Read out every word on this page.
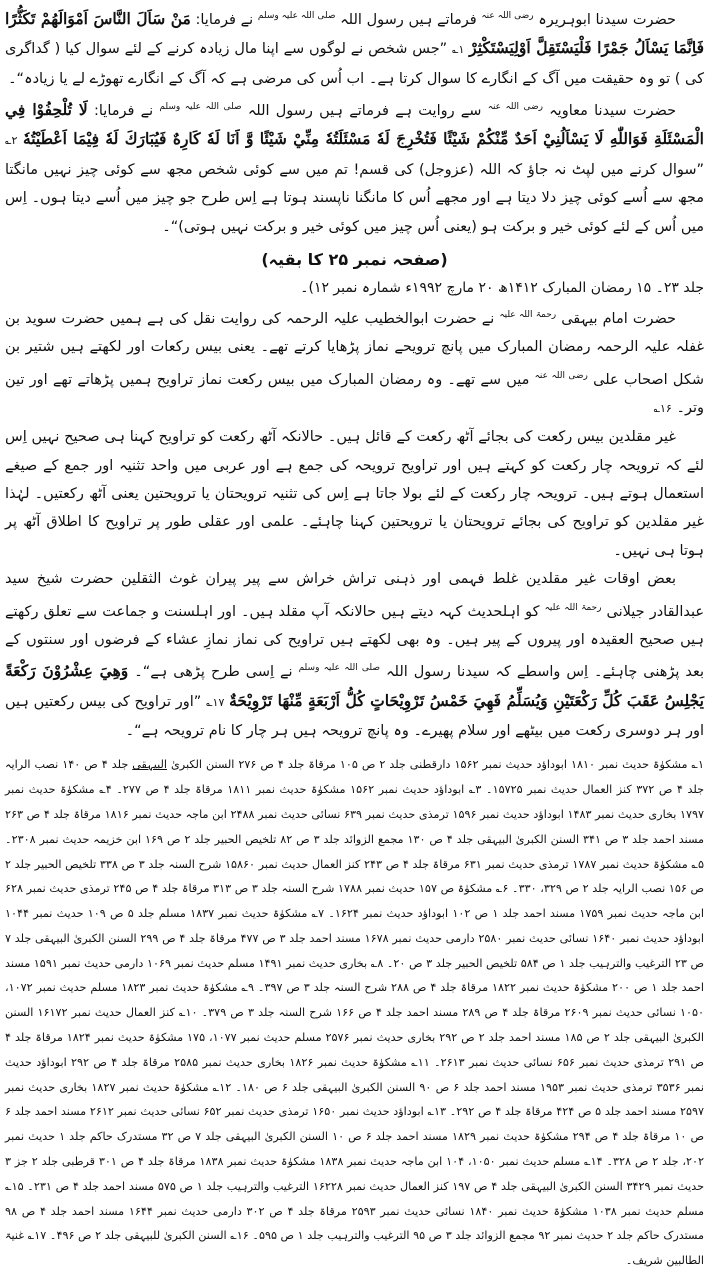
حضرت سیدنا ابوہریرہ $^{رضی اللہ عنہ}$ فرماتے ہیں رسول اللہ $^{صلی اللہ علیہ وسلم}$ نے فرمایا: مَنْ سَاَلَ النَّاسَ اَمْوَالَهُمْ تَكَثُّرًا فَاِنَّمَا يَسْاَلُ جَمْرًا فَلْيَسْتَقِلَّ اَوْلِيَسْتَكْثِرْ ۱؎ ”جس شخص نے لوگوں سے اپنا مال زیادہ کرنے کے لئے سوال کیا ( گداگری کی ) تو وہ حقیقت میں آگ کے انگارے کا سوال کرتا ہے۔ اب اُس کی مرضی ہے کہ آگ کے انگارے تھوڑے لے یا زیادہ“۔

حضرت سیدنا معاویہ $^{رضی اللہ عنہ}$ سے روایت ہے فرماتے ہیں رسول اللہ $^{صلی اللہ علیہ وسلم}$ نے فرمایا: لَا تُلْحِفُوْا فِي الْمَسْئَلَةِ فَوَاللّٰهِ لَا يَسْاَلُنِيْ اَحَدٌ مِّنْكُمْ شَيْئًا فَتُخْرِجَ لَهٗ مَسْئَلَتُهٗ مِنِّيْ شَيْئًا وَّ اَنَا لَهٗ كَارِهٌ فَيُبَارَكَ لَهٗ فِيْمَا اَعْطَيْتُهٗ ۲؎ ”سوال کرنے میں لپٹ نہ جاؤ کہ اللہ (عزوجل) کی قسم! تم میں سے کوئی شخص مجھ سے کوئی چیز نہیں مانگتا مجھ سے اُسے کوئی چیز دلا دیتا ہے اور مجھے اُس کا مانگنا ناپسند ہوتا ہے اِس طرح جو چیز میں اُسے دیتا ہوں۔ اِس میں اُس کے لئے کوئی خیر و برکت ہو (یعنی اُس چیز میں کوئی خیر و برکت نہیں ہوتی)“۔

(صفحہ نمبر ۲۵ کا بقیہ)

جلد ۲۳۔ ۱۵ رمضان المبارک ۱۴۱۲ھ ۲۰ مارچ ۱۹۹۲ء شمارہ نمبر ۱۲)۔

حضرت امام بیہقی $^{رحمۃ اللہ علیہ}$ نے حضرت ابوالخطیب علیہ الرحمہ کی روایت نقل کی ہے ہمیں حضرت سوید بن غفلہ علیہ الرحمہ رمضان المبارک میں پانچ ترویحے نماز پڑھایا کرتے تھے۔ یعنی بیس رکعات اور لکھتے ہیں شتیر بن شکل اصحاب علی $^{رضی اللہ عنہ}$ میں سے تھے۔ وہ رمضان المبارک میں بیس رکعت نماز تراویح ہمیں پڑھاتے تھے اور تین وتر۔ ۱۶؎

غیر مقلدین بیس رکعت کی بجائے آٹھ رکعت کے قائل ہیں۔ حالانکہ آٹھ رکعت کو تراویح کہنا ہی صحیح نہیں اِس لئے کہ ترویحہ چار رکعت کو کہتے ہیں اور تراویح ترویحہ کی جمع ہے اور عربی میں واحد تثنیہ اور جمع کے صیغے استعمال ہوتے ہیں۔ ترویحہ چار رکعت کے لئے بولا جاتا ہے اِس کی تثنیہ ترویحتان یا ترویحتین یعنی آٹھ رکعتیں۔ لہٰذا غیر مقلدین کو تراویح کی بجائے ترویحتان یا ترویحتین کہنا چاہئے۔ علمی اور عقلی طور پر تراویح کا اطلاق آٹھ پر ہوتا ہی نہیں۔

بعض اوقات غیر مقلدین غلط فہمی اور ذہنی تراش خراش سے پیر پیران غوث الثقلین حضرت شیخ سید عبدالقادر جیلانی $^{رحمۃ اللہ علیہ}$ کو اہلحدیث کہہ دیتے ہیں حالانکہ آپ مقلد ہیں۔ اور اہلسنت و جماعت سے تعلق رکھتے ہیں صحیح العقیدہ اور پیروں کے پیر ہیں۔ وہ بھی لکھتے ہیں تراویح کی نماز نمازِ عشاء کے فرضوں اور سنتوں کے بعد پڑھنی چاہئے۔ اِس واسطے کہ سیدنا رسول اللہ $^{صلی اللہ علیہ وسلم}$ نے اِسی طرح پڑھی ہے“۔ وَهِيَ عِشْرُوْنَ رَكْعَةً يَجْلِسُ عَقَبَ كُلِّ رَكْعَتَيْنِ وَيُسَلِّمُ فَهِيَ خَمْسُ تَرْوِيْحَاتٍ كُلُّ اَرْبَعَةٍ مِّنْهَا تَرْوِيْحَةٌ ۱۷؎ ”اور تراویح کی بیس رکعتیں ہیں اور ہر دوسری رکعت میں بیٹھے اور سلام پھیرے۔ وہ پانچ ترویحہ ہیں ہر چار کا نام ترویحہ ہے“۔

۱؎ مشکوٰۃ حدیث نمبر ۱۸۱۰ ابوداؤد حدیث نمبر ۱۵۶۲ دارقطنی جلد ۲ ص ۱۰۵ مرقاۃ جلد ۴ ص ۲۷۶ السنن الکبریٰ البیہقی جلد ۴ ص ۱۴۰ نصب الرایہ جلد ۴ ص ۳۷۲ کنز العمال حدیث نمبر ۱۵۷۲۵۔ ۳؎ ابوداؤد حدیث نمبر ۱۵۶۲ مشکوٰۃ حدیث نمبر ۱۸۱۱ مرقاۃ جلد ۴ ص ۲۷۷۔ ۴؎ مشکوٰۃ حدیث نمبر ۱۷۹۷ بخاری حدیث نمبر ۱۴۸۳ ابوداؤد حدیث نمبر ۱۵۹۶ ترمذی حدیث نمبر ۶۳۹ نسائی حدیث نمبر ۲۴۸۸ ابن ماجہ حدیث نمبر ۱۸۱۶ مرقاۃ جلد ۴ ص ۲۶۳ مسند احمد جلد ۳ ص ۳۴۱ السنن الکبریٰ البیہقی جلد ۴ ص ۱۳۰ مجمع الزوائد جلد ۳ ص ۸۲ تلخیص الحبیر جلد ۲ ص ۱۶۹ ابن خزیمہ حدیث نمبر ۲۳۰۸۔ ۵؎ مشکوٰۃ حدیث نمبر ۱۷۸۷ ترمذی حدیث نمبر ۶۳۱ مرقاۃ جلد ۴ ص ۲۴۳ کنز العمال حدیث نمبر ۱۵۸۶۰ شرح السنہ جلد ۳ ص ۳۳۸ تلخیص الحبیر جلد ۲ ص ۱۵۶ نصب الرایہ جلد ۲ ص ۳۲۹، ۳۳۰۔ ۶؎ مشکوٰۃ ص ۱۵۷ حدیث نمبر ۱۷۸۸ شرح السنہ جلد ۳ ص ۳۱۳ مرقاۃ جلد ۴ ص ۲۴۵ ترمذی حدیث نمبر ۶۲۸ ابن ماجہ حدیث نمبر ۱۷۵۹ مسند احمد جلد ۱ ص ۱۰۲ ابوداؤد حدیث نمبر ۱۶۲۴۔ ۷؎ مشکوٰۃ حدیث نمبر ۱۸۳۷ مسلم جلد ۵ ص ۱۰۹ حدیث نمبر ۱۰۴۴ ابوداؤد حدیث نمبر ۱۶۴۰ نسائی حدیث نمبر ۲۵۸۰ دارمی حدیث نمبر ۱۶۷۸ مسند احمد جلد ۳ ص ۴۷۷ مرقاۃ جلد ۴ ص ۲۹۹ السنن الکبریٰ البیہقی جلد ۷ ص ۲۳ الترغیب والترہیب جلد ۱ ص ۵۸۴ تلخیص الحبیر جلد ۳ ص ۲۰۔ ۸؎ بخاری حدیث نمبر ۱۴۹۱ مسلم حدیث نمبر ۱۰۶۹ دارمی حدیث نمبر ۱۵۹۱ مسند احمد جلد ۱ ص ۲۰۰ مشکوٰۃ حدیث نمبر ۱۸۲۲ مرقاۃ جلد ۴ ص ۲۸۸ شرح السنہ جلد ۳ ص ۳۹۷۔ ۹؎ مشکوٰۃ حدیث نمبر ۱۸۲۳ مسلم حدیث نمبر ۱۰۷۲، ۱۰۵۰ نسائی حدیث نمبر ۲۶۰۹ مرقاۃ جلد ۴ ص ۲۸۹ مسند احمد جلد ۴ ص ۱۶۶ شرح السنہ جلد ۳ ص ۳۷۹۔ ۱۰؎ کنز العمال حدیث نمبر ۱۶۱۷۲ السنن الکبریٰ البیہقی جلد ۲ ص ۱۸۵ مسند احمد جلد ۲ ص ۲۹۲ بخاری حدیث نمبر ۲۵۷۶ مسلم حدیث نمبر ۱۰۷۷، ۱۷۵ مشکوٰۃ حدیث نمبر ۱۸۲۴ مرقاۃ جلد ۴ ص ۲۹۱ ترمذی حدیث نمبر ۶۵۶ نسائی حدیث نمبر ۲۶۱۳۔ ۱۱؎ مشکوٰۃ حدیث نمبر ۱۸۲۶ بخاری حدیث نمبر ۲۵۸۵ مرقاۃ جلد ۴ ص ۲۹۲ ابوداؤد حدیث نمبر ۳۵۳۶ ترمذی حدیث نمبر ۱۹۵۳ مسند احمد جلد ۶ ص ۹۰ السنن الکبریٰ البیہقی جلد ۶ ص ۱۸۰۔ ۱۲؎ مشکوٰۃ حدیث نمبر ۱۸۲۷ بخاری حدیث نمبر ۲۵۹۷ مسند احمد جلد ۵ ص ۴۲۴ مرقاۃ جلد ۴ ص ۲۹۲۔ ۱۳؎ ابوداؤد حدیث نمبر ۱۶۵۰ ترمذی حدیث نمبر ۶۵۲ نسائی حدیث نمبر ۲۶۱۲ مسند احمد جلد ۶ ص ۱۰ مرقاۃ جلد ۴ ص ۲۹۴ مشکوٰۃ حدیث نمبر ۱۸۲۹ مسند احمد جلد ۶ ص ۱۰ السنن الکبریٰ البیہقی جلد ۷ ص ۳۲ مستدرک حاکم جلد ۱ حدیث نمبر ۲۰۲، جلد ۲ ص ۳۲۸۔ ۱۴؎ مسلم حدیث نمبر ۱۰۵۰، ۱۰۴ ابن ماجہ حدیث نمبر ۱۸۳۸ مشکوٰۃ حدیث نمبر ۱۸۳۸ مرقاۃ جلد ۴ ص ۳۰۱ قرطبی جلد ۲ جز ۳ حدیث نمبر ۳۴۲۹ السنن الکبریٰ البیہقی جلد ۴ ص ۱۹۷ کنز العمال حدیث نمبر ۱۶۲۲۸ الترغیب والترہیب جلد ۱ ص ۵۷۵ مسند احمد جلد ۴ ص ۲۳۱۔ ۱۵؎ مسلم حدیث نمبر ۱۰۳۸ مشکوٰۃ حدیث نمبر ۱۸۴۰ نسائی حدیث نمبر ۲۵۹۳ مرقاۃ جلد ۴ ص ۳۰۲ دارمی حدیث نمبر ۱۶۴۴ مسند احمد جلد ۴ ص ۹۸ مستدرک حاکم جلد ۲ حدیث نمبر ۹۲ مجمع الزوائد جلد ۳ ص ۹۵ الترغیب والترہیب جلد ۱ ص ۵۹۵۔ ۱۶؎ السنن الکبریٰ للبیہقی جلد ۲ ص ۴۹۶۔ ۱۷؎ غنیۃ الطالبین شریف۔
